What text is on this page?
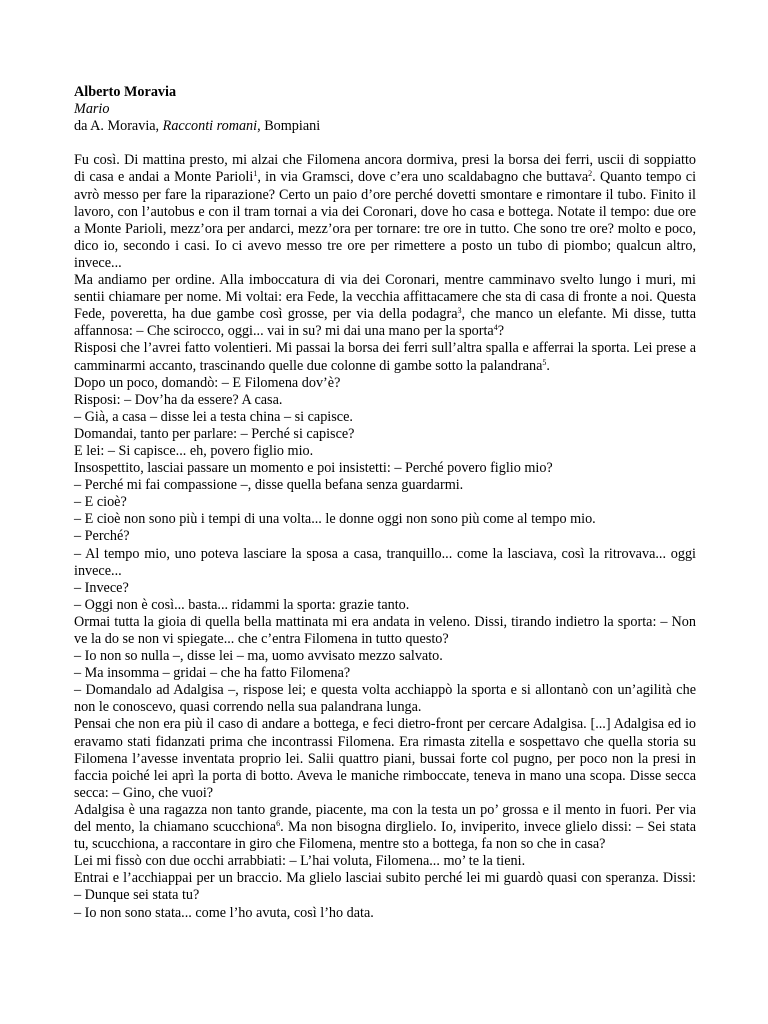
Alberto Moravia
Mario
da A. Moravia, Racconti romani, Bompiani
Fu così. Di mattina presto, mi alzai che Filomena ancora dormiva, presi la borsa dei ferri, uscii di soppiatto di casa e andai a Monte Parioli$^1$, in via Gramsci, dove c’era uno scaldabagno che buttava$^2$. Quanto tempo ci avrò messo per fare la riparazione? Certo un paio d’ore perché dovetti smontare e rimontare il tubo. Finito il lavoro, con l’autobus e con il tram tornai a via dei Coronari, dove ho casa e bottega. Notate il tempo: due ore a Monte Parioli, mezz’ora per andarci, mezz’ora per tornare: tre ore in tutto. Che sono tre ore? molto e poco, dico io, secondo i casi. Io ci avevo messo tre ore per rimettere a posto un tubo di piombo; qualcun altro, invece...
Ma andiamo per ordine. Alla imboccatura di via dei Coronari, mentre camminavo svelto lungo i muri, mi sentii chiamare per nome. Mi voltai: era Fede, la vecchia affittacamere che sta di casa di fronte a noi. Questa Fede, poveretta, ha due gambe così grosse, per via della podagra$^3$, che manco un elefante. Mi disse, tutta affannosa: – Che scirocco, oggi... vai in su? mi dai una mano per la sporta$^4$?
Risposi che l’avrei fatto volentieri. Mi passai la borsa dei ferri sull’altra spalla e afferrai la sporta. Lei prese a camminarmi accanto, trascinando quelle due colonne di gambe sotto la palandrana$^5$.
Dopo un poco, domandò: – E Filomena dov’è?
Risposi: – Dov’ha da essere? A casa.
– Già, a casa – disse lei a testa china – si capisce.
Domandai, tanto per parlare: – Perché si capisce?
E lei: – Si capisce... eh, povero figlio mio.
Insospettito, lasciai passare un momento e poi insistetti: – Perché povero figlio mio?
– Perché mi fai compassione –, disse quella befana senza guardarmi.
– E cioè?
– E cioè non sono più i tempi di una volta... le donne oggi non sono più come al tempo mio.
– Perché?
– Al tempo mio, uno poteva lasciare la sposa a casa, tranquillo... come la lasciava, così la ritrovava... oggi invece...
– Invece?
– Oggi non è così... basta... ridammi la sporta: grazie tanto.
Ormai tutta la gioia di quella bella mattinata mi era andata in veleno. Dissi, tirando indietro la sporta: – Non ve la do se non vi spiegate... che c’entra Filomena in tutto questo?
– Io non so nulla –, disse lei – ma, uomo avvisato mezzo salvato.
– Ma insomma – gridai – che ha fatto Filomena?
– Domandalo ad Adalgisa –, rispose lei; e questa volta acchiappò la sporta e si allontanò con un’agilità che non le conoscevo, quasi correndo nella sua palandrana lunga.
Pensai che non era più il caso di andare a bottega, e feci dietro-front per cercare Adalgisa. [...] Adalgisa ed io eravamo stati fidanzati prima che incontrassi Filomena. Era rimasta zitella e sospettavo che quella storia su Filomena l’avesse inventata proprio lei. Salii quattro piani, bussai forte col pugno, per poco non la presi in faccia poiché lei aprì la porta di botto. Aveva le maniche rimboccate, teneva in mano una scopa. Disse secca secca: – Gino, che vuoi?
Adalgisa è una ragazza non tanto grande, piacente, ma con la testa un po’ grossa e il mento in fuori. Per via del mento, la chiamano scucchiona$^6$. Ma non bisogna dirglielo. Io, inviperito, invece glielo dissi: – Sei stata tu, scucchiona, a raccontare in giro che Filomena, mentre sto a bottega, fa non so che in casa?
Lei mi fissò con due occhi arrabbiati: – L’hai voluta, Filomena... mo’ te la tieni.
Entrai e l’acchiappai per un braccio. Ma glielo lasciai subito perché lei mi guardò quasi con speranza. Dissi: – Dunque sei stata tu?
– Io non sono stata... come l’ho avuta, così l’ho data.
